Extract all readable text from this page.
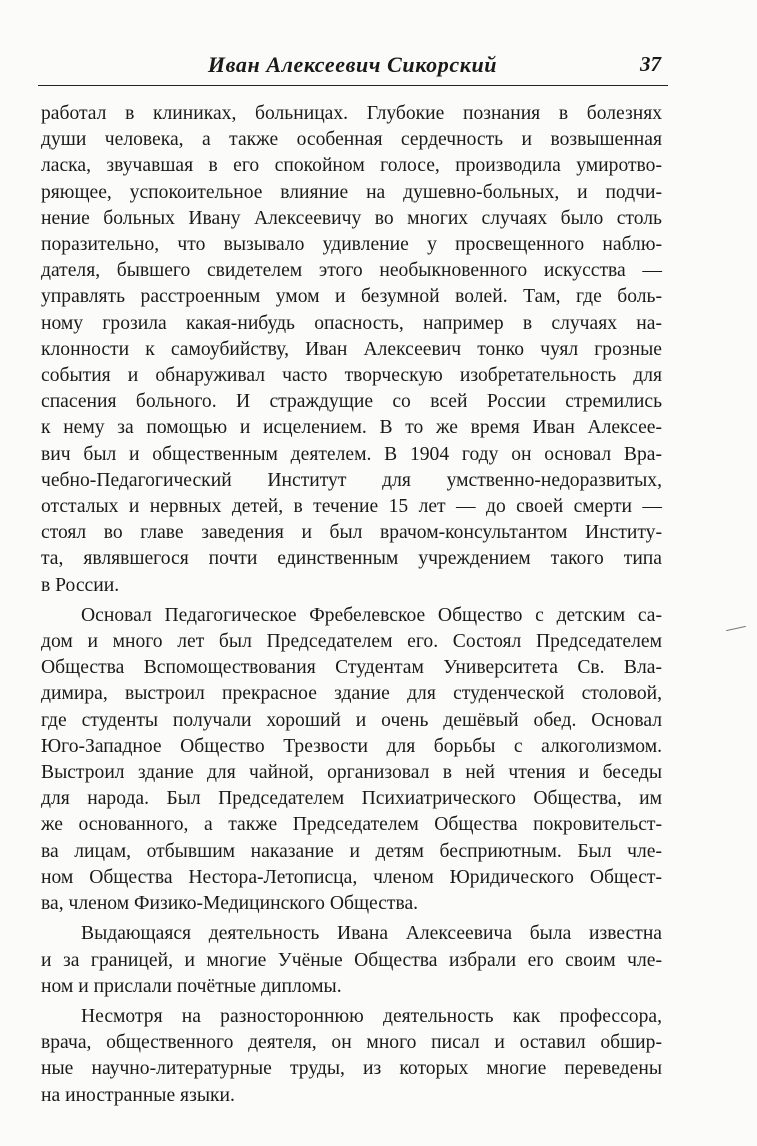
Иван Алексеевич Сикорский	37

работал в клиниках, больницах. Глубокие познания в болезнях
души человека, а также особенная сердечность и возвышенная
ласка, звучавшая в его спокойном голосе, производила умиротво-
ряющее, успокоительное влияние на душевно-больных, и подчи-
нение больных Ивану Алексеевичу во многих случаях было столь
поразительно, что вызывало удивление у просвещенного наблю-
дателя, бывшего свидетелем этого необыкновенного искусства —
управлять расстроенным умом и безумной волей. Там, где боль-
ному грозила какая-нибудь опасность, например в случаях на-
клонности к самоубийству, Иван Алексеевич тонко чуял грозные
события и обнаруживал часто творческую изобретательность для
спасения больного. И страждущие со всей России стремились
к нему за помощью и исцелением. В то же время Иван Алексее-
вич был и общественным деятелем. В 1904 году он основал Вра-
чебно-Педагогический Институт для умственно-недоразвитых,
отсталых и нервных детей, в течение 15 лет — до своей смерти —
стоял во главе заведения и был врачом-консультантом Институ-
та, являвшегося почти единственным учреждением такого типа
в России.

Основал Педагогическое Фребелевское Общество с детским са-
дом и много лет был Председателем его. Состоял Председателем
Общества Вспомоществования Студентам Университета Св. Вла-
димира, выстроил прекрасное здание для студенческой столовой,
где студенты получали хороший и очень дешёвый обед. Основал
Юго-Западное Общество Трезвости для борьбы с алкоголизмом.
Выстроил здание для чайной, организовал в ней чтения и беседы
для народа. Был Председателем Психиатрического Общества, им
же основанного, а также Председателем Общества покровительст-
ва лицам, отбывшим наказание и детям бесприютным. Был чле-
ном Общества Нестора-Летописца, членом Юридического Общест-
ва, членом Физико-Медицинского Общества.

Выдающаяся деятельность Ивана Алексеевича была известна
и за границей, и многие Учёные Общества избрали его своим чле-
ном и прислали почётные дипломы.

Несмотря на разностороннюю деятельность как профессора,
врача, общественного деятеля, он много писал и оставил обшир-
ные научно-литературные труды, из которых многие переведены
на иностранные языки.
